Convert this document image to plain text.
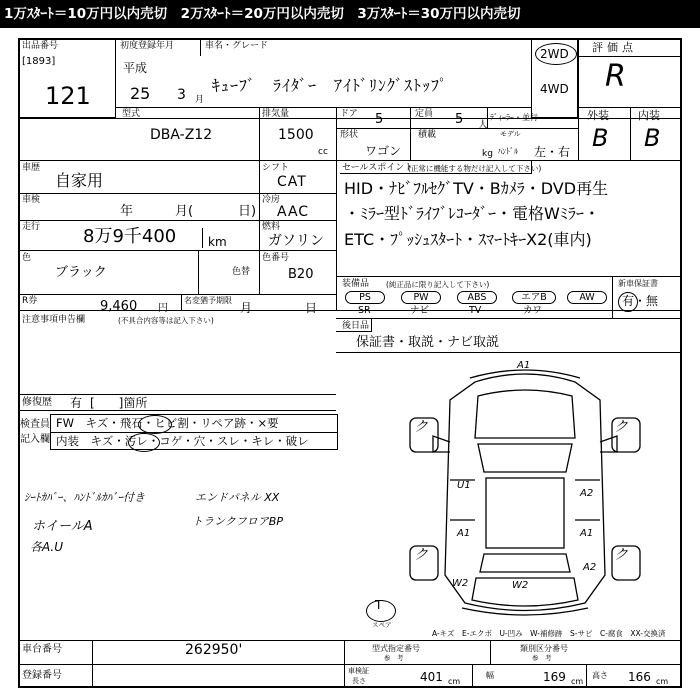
1万ｽﾀｰﾄ＝10万円以内売切　2万ｽﾀｰﾄ＝20万円以内売切　3万ｽﾀｰﾄ＝30万円以内売切
出品番号
[1893]
121
初度登録年月	車名・グレード
平成
25 3 月
ｷｭｰﾌﾞ　ﾗｲﾀﾞｰ　ｱｲﾄﾞﾘﾝｸﾞｽﾄｯﾌﾟ
2WD
4WD
評価点
R
型式
DBA-Z12
排気量
1500
cc
ドア 5	定員 5 人
ﾃﾞｨｰﾗｰ・並行
形状
ワゴン
積載
kg
モデル
ﾊﾝﾄﾞﾙ 左・右
外装	内装
B B
車歴
自家用
車検
年	月(	日)
走行 8万9千400	km
シフト
CAT
冷房
AAC
燃料
ガソリン
色
ブラック	色替
色番号
B20
R券	9,460 円
名変猶予期限
月	日
注意事項申告欄	(不具合内容等は記入下さい)
修復歴 有 [　　]箇所
セールスポイント
(正常に機能する物だけ記入して下さい)
HID・ﾅﾋﾞﾌﾙｾｸﾞTV・Bｶﾒﾗ・DVD再生
・ﾐﾗｰ型ﾄﾞﾗｲﾌﾞﾚｺｰﾀﾞｰ・電格Wﾐﾗｰ・
ETC・ﾌﾟｯｼｭｽﾀｰﾄ・ｽﾏｰﾄｷｰX2(車内)
装備品 (純正品に限り記入して下さい)	新車保証書
有・無
PS	PW	ABS	エアB	AW
SR	ナビ	TV	カワ
後日品
保証書・取説・ナビ取説
検査員
記入欄
FW　キズ・飛石・ヒビ割・リペア跡・×要
内装　キズ・汚レ・コゲ・穴・スレ・キレ・破レ
ｼｰﾄｶﾊﾞｰ、ﾊﾝﾄﾞﾙｶﾊﾞｰ付き
ホイールA
各A.U
エンドパネル XX
トランクフロアBP
A1
U1
A2
A1	A1
A2
W2	W2
ク	ク
ク	ク
T
スペア
A-キズ　E-エクボ　U-凹み　W-補修跡　S-サビ　C-腐食　XX-交換済
車台番号	262950'
登録番号
型式指定番号
参　考
類別区分番号
参　考
車検証
長さ	401 cm
幅	169 cm
高さ 166 cm
